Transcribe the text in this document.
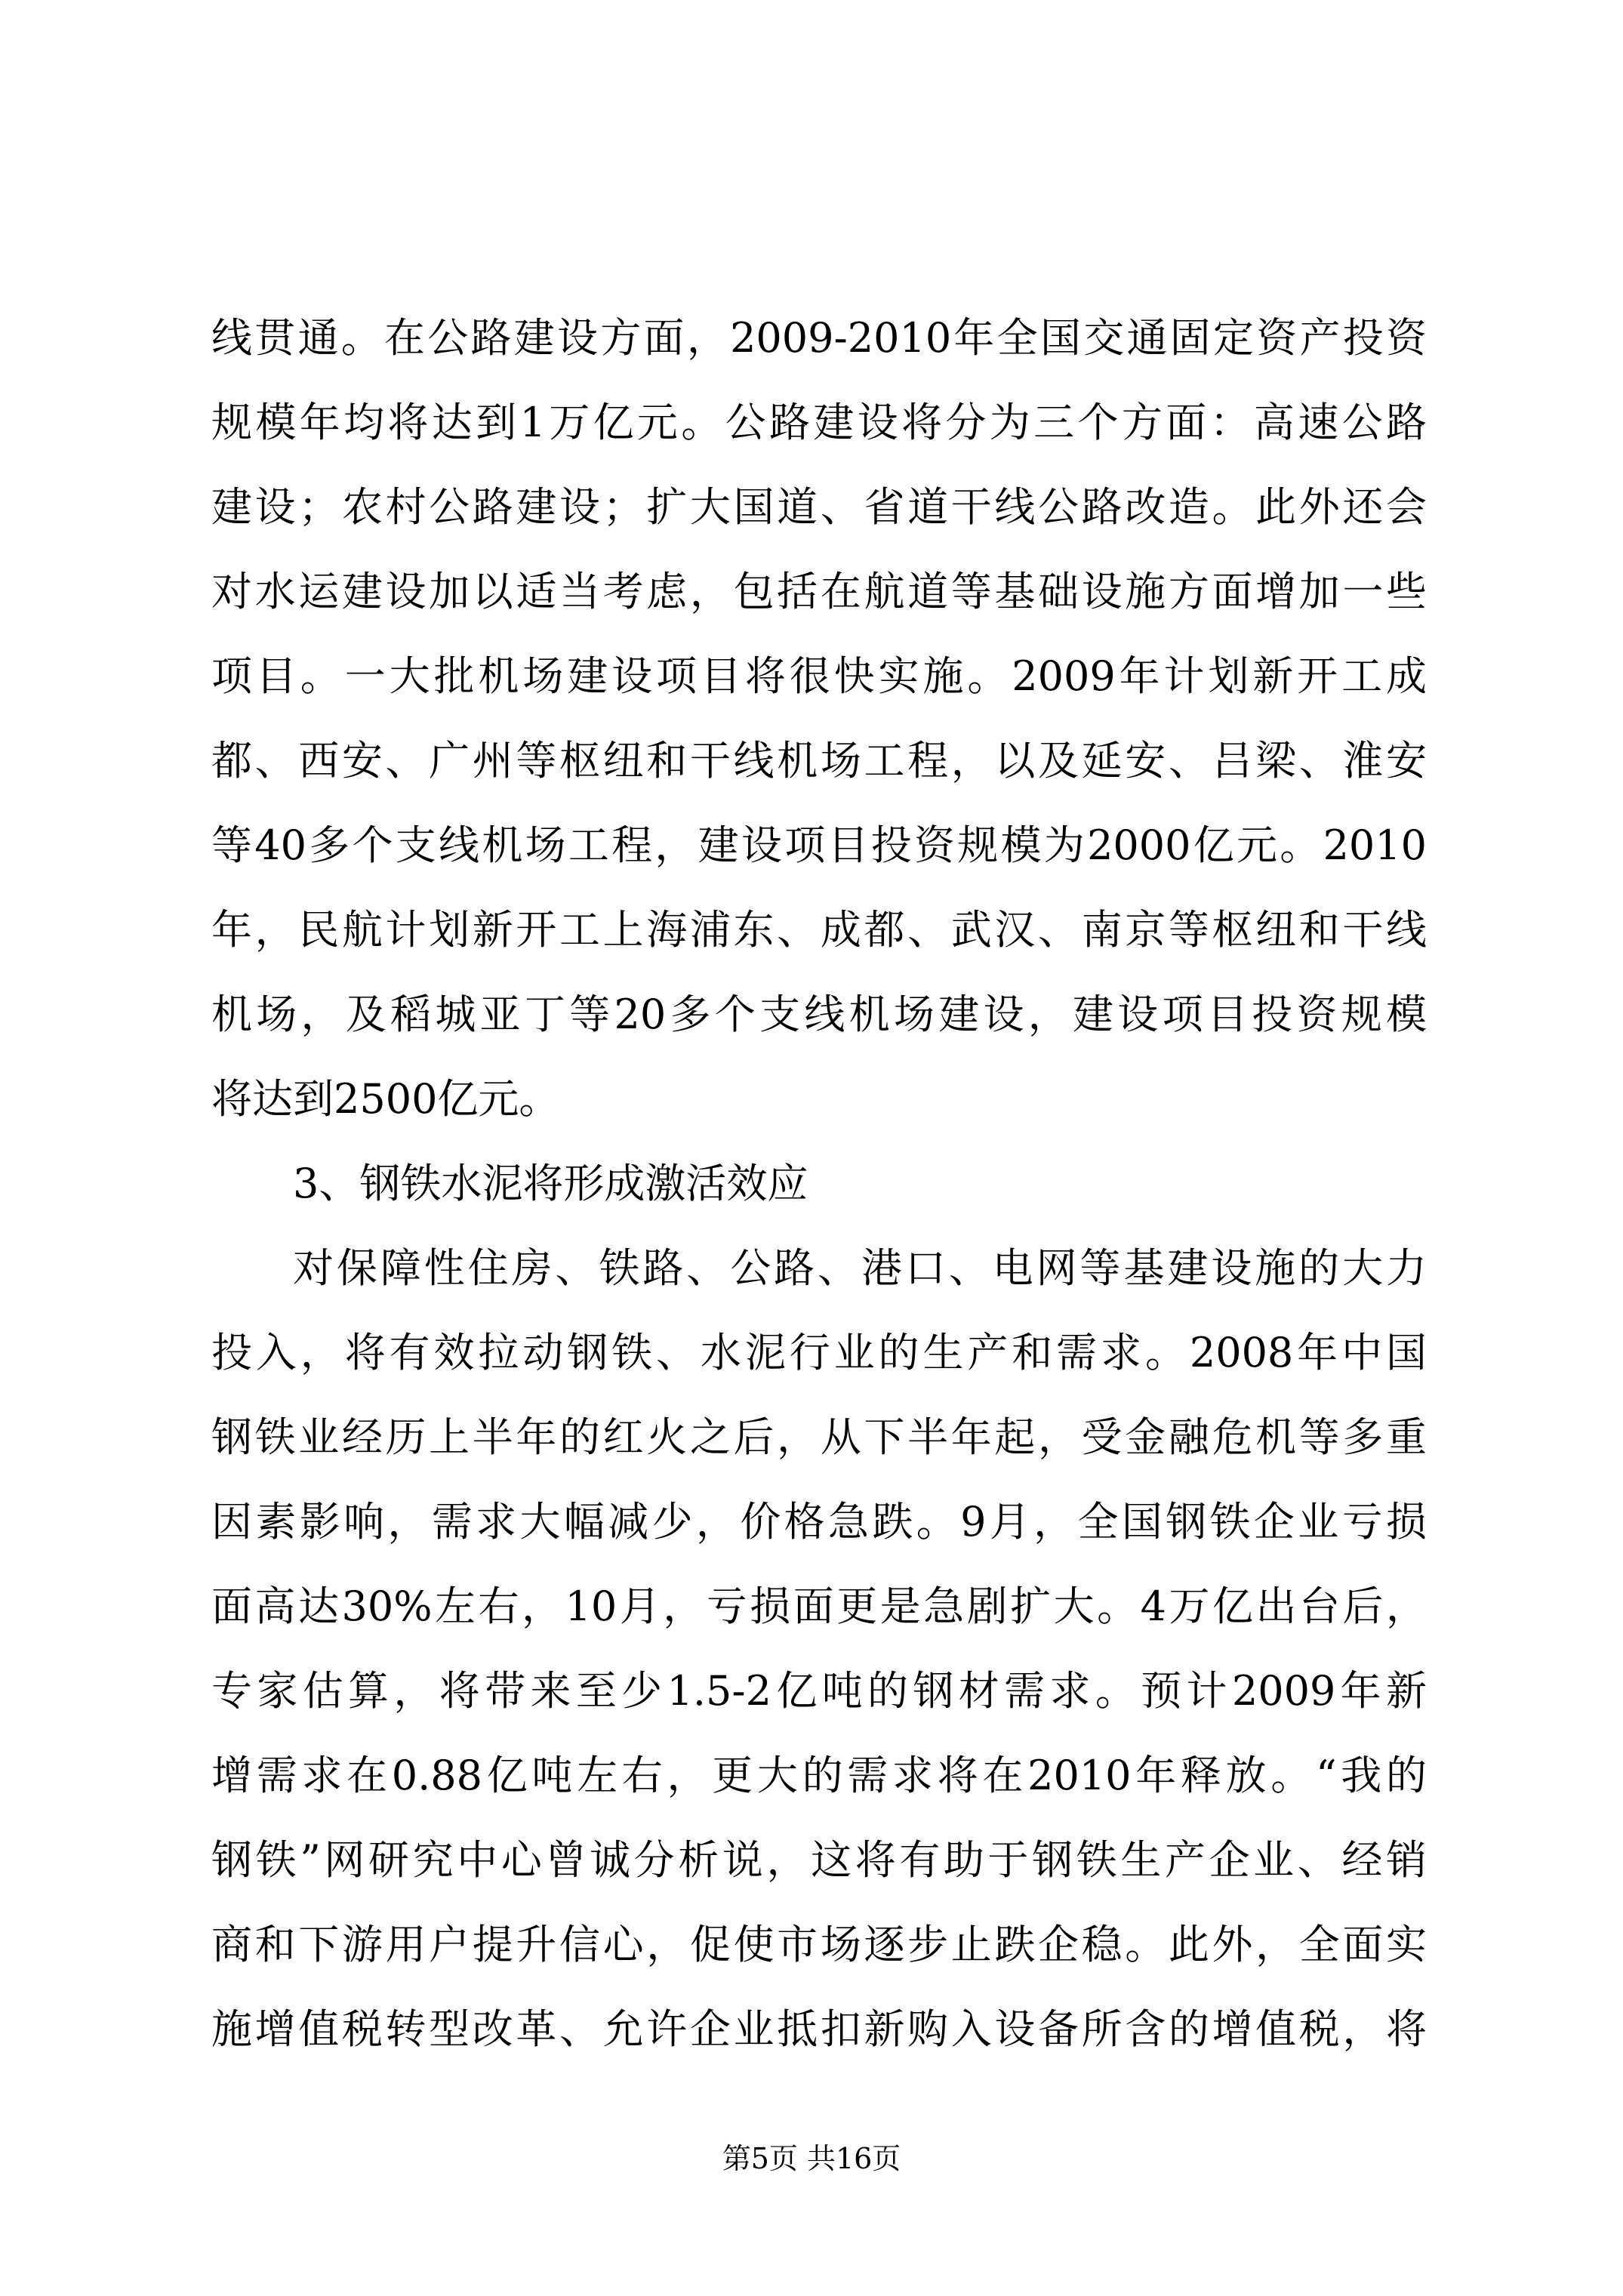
线贯通。在公路建设方面，2009-2010年全国交通固定资产投资
规模年均将达到1万亿元。公路建设将分为三个方面：高速公路
建设；农村公路建设；扩大国道、省道干线公路改造。此外还会
对水运建设加以适当考虑，包括在航道等基础设施方面增加一些
项目。一大批机场建设项目将很快实施。2009年计划新开工成
都、西安、广州等枢纽和干线机场工程，以及延安、吕梁、淮安
等40多个支线机场工程，建设项目投资规模为2000亿元。2010
年，民航计划新开工上海浦东、成都、武汉、南京等枢纽和干线
机场，及稻城亚丁等20多个支线机场建设，建设项目投资规模
将达到2500亿元。
3、钢铁水泥将形成激活效应
对保障性住房、铁路、公路、港口、电网等基建设施的大力
投入，将有效拉动钢铁、水泥行业的生产和需求。2008年中国
钢铁业经历上半年的红火之后，从下半年起，受金融危机等多重
因素影响，需求大幅减少，价格急跌。9月，全国钢铁企业亏损
面高达30%左右，10月，亏损面更是急剧扩大。4万亿出台后，
专家估算，将带来至少1.5-2亿吨的钢材需求。预计2009年新
增需求在0.88亿吨左右，更大的需求将在2010年释放。“我的
钢铁”网研究中心曾诚分析说，这将有助于钢铁生产企业、经销
商和下游用户提升信心，促使市场逐步止跌企稳。此外，全面实
施增值税转型改革、允许企业抵扣新购入设备所含的增值税，将
第5页 共16页
